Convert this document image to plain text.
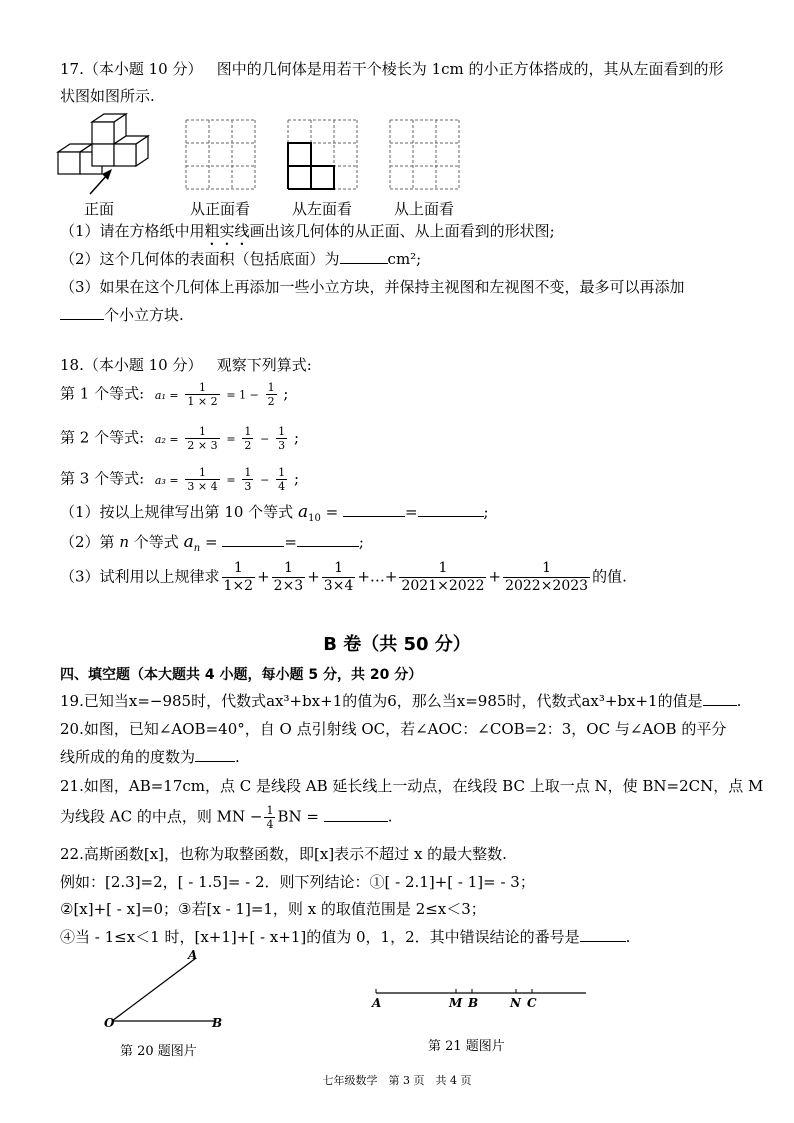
17.（本小题 10 分） 图中的几何体是用若干个棱长为 1cm 的小正方体搭成的，其从左面看到的形
状图如图所示.
正面	从正面看	从左面看	从上面看
（1）请在方格纸中用粗实线画出该几何体的从正面、从上面看到的形状图;
（2）这个几何体的表面积（包括底面）为	cm²;
（3）如果在这个几何体上再添加一些小立方块，并保持主视图和左视图不变，最多可以再添加
个小立方块.
18.（本小题 10 分） 观察下列算式:
第 1 个等式: $a_1 = \frac{1}{1 \times 2} = 1 - \frac{1}{2}$ ;
第 2 个等式: $a_2 = \frac{1}{2 \times 3} = \frac{1}{2} - \frac{1}{3}$ ;
第 3 个等式: $a_3 = \frac{1}{3 \times 4} = \frac{1}{3} - \frac{1}{4}$ ;
（1）按以上规律写出第 10 个等式 $a_{10}$ =	=	;
（2）第 n 个等式 $a_n$ =	=	;
（3）试利用以上规律求 $\frac{1}{1\times 2} + \frac{1}{2\times 3} + \frac{1}{3\times 4}$ +…+ $\frac{1}{2021\times 2022} + \frac{1}{2022\times 2023}$ 的值.
B 卷（共 50 分）
四、填空题（本大题共 4 小题，每小题 5 分，共 20 分）
19.已知当x=−985时，代数式ax³+bx+1的值为6，那么当x=985时，代数式ax³+bx+1的值是 .
20.如图，已知∠AOB=40°，自 O 点引射线 OC，若∠AOC：∠COB=2：3，OC 与∠AOB 的平分
线所成的角的度数为	.
21.如图，AB=17cm，点 C 是线段 AB 延长线上一动点，在线段 BC 上取一点 N，使 BN=2CN，点 M
为线段 AC 的中点，则 MN − $\frac{1}{4}$ BN =	.
22.高斯函数[x]，也称为取整函数，即[x]表示不超过 x 的最大整数.
例如：[2.3]=2，[ - 1.5]= - 2．则下列结论：①[ - 2.1]+[ - 1]= - 3；
②[x]+[ - x]=0；③若[x - 1]=1，则 x 的取值范围是 2≤x＜3；
④当 - 1≤x＜1 时，[x+1]+[ - x+1]的值为 0，1，2．其中错误结论的番号是	.
A
O	B
第 20 题图片
A	M B	N C
第 21 题图片
七年级数学　第 3 页　共 4 页
